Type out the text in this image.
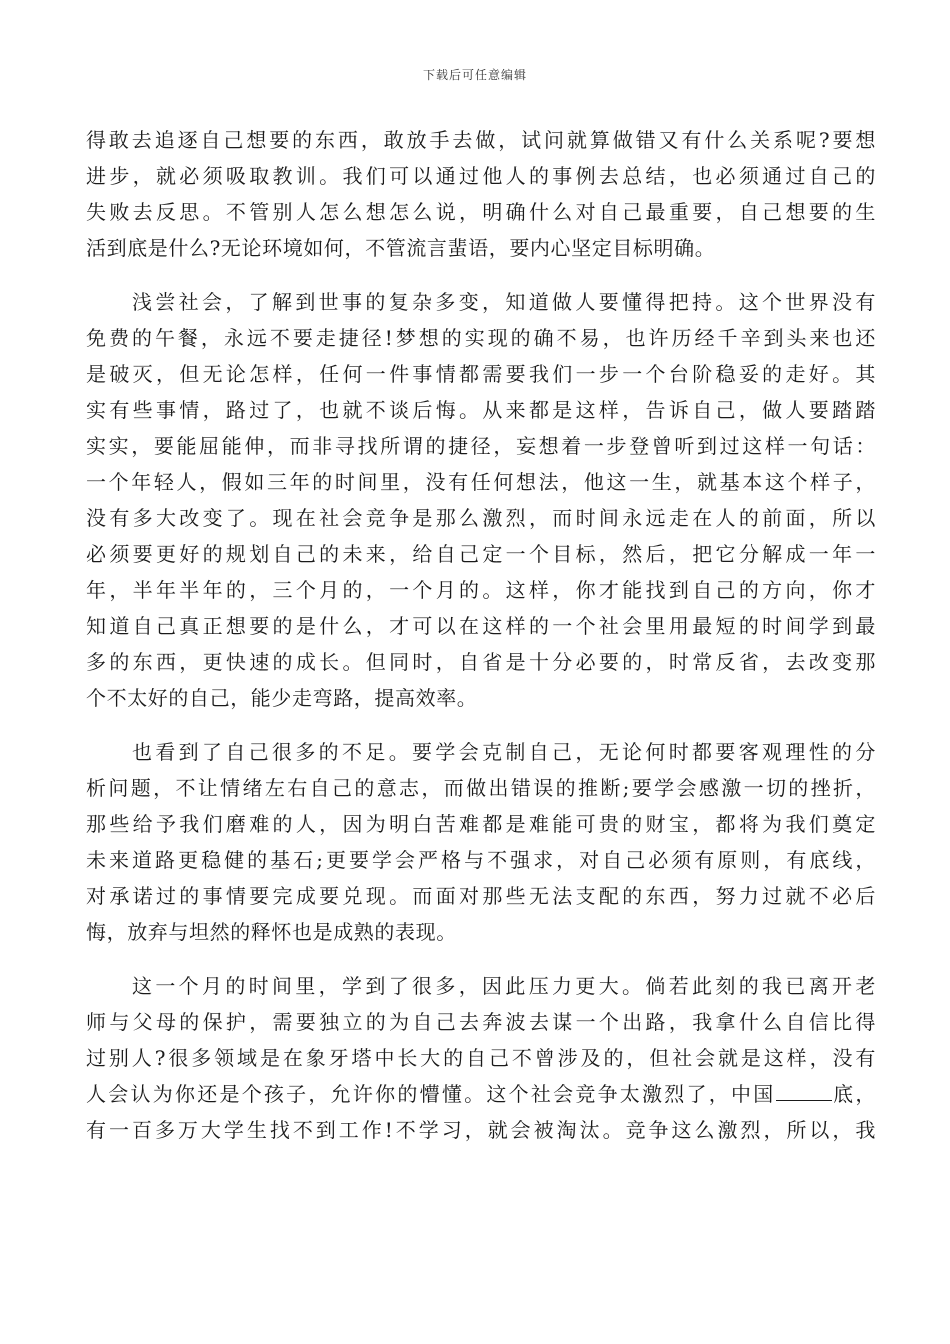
下载后可任意编辑
得敢去追逐自己想要的东西，敢放手去做，试问就算做错又有什么关系呢?要想
进步，就必须吸取教训。我们可以通过他人的事例去总结，也必须通过自己的
失败去反思。不管别人怎么想怎么说，明确什么对自己最重要，自己想要的生
活到底是什么?无论环境如何，不管流言蜚语，要内心坚定目标明确。
浅尝社会，了解到世事的复杂多变，知道做人要懂得把持。这个世界没有
免费的午餐，永远不要走捷径!梦想的实现的确不易，也许历经千辛到头来也还
是破灭，但无论怎样，任何一件事情都需要我们一步一个台阶稳妥的走好。其
实有些事情，路过了，也就不谈后悔。从来都是这样，告诉自己，做人要踏踏
实实，要能屈能伸，而非寻找所谓的捷径，妄想着一步登曾听到过这样一句话：
一个年轻人，假如三年的时间里，没有任何想法，他这一生，就基本这个样子，
没有多大改变了。现在社会竞争是那么激烈，而时间永远走在人的前面，所以
必须要更好的规划自己的未来，给自己定一个目标，然后，把它分解成一年一
年，半年半年的，三个月的，一个月的。这样，你才能找到自己的方向，你才
知道自己真正想要的是什么，才可以在这样的一个社会里用最短的时间学到最
多的东西，更快速的成长。但同时，自省是十分必要的，时常反省，去改变那
个不太好的自己，能少走弯路，提高效率。
也看到了自己很多的不足。要学会克制自己，无论何时都要客观理性的分
析问题，不让情绪左右自己的意志，而做出错误的推断;要学会感激一切的挫折，
那些给予我们磨难的人，因为明白苦难都是难能可贵的财宝，都将为我们奠定
未来道路更稳健的基石;更要学会严格与不强求，对自己必须有原则，有底线，
对承诺过的事情要完成要兑现。而面对那些无法支配的东西，努力过就不必后
悔，放弃与坦然的释怀也是成熟的表现。
这一个月的时间里，学到了很多，因此压力更大。倘若此刻的我已离开老
师与父母的保护，需要独立的为自己去奔波去谋一个出路，我拿什么自信比得
过别人?很多领域是在象牙塔中长大的自己不曾涉及的，但社会就是这样，没有
人会认为你还是个孩子，允许你的懵懂。这个社会竞争太激烈了，中国	底，
有一百多万大学生找不到工作!不学习，就会被淘汰。竞争这么激烈，所以，我
